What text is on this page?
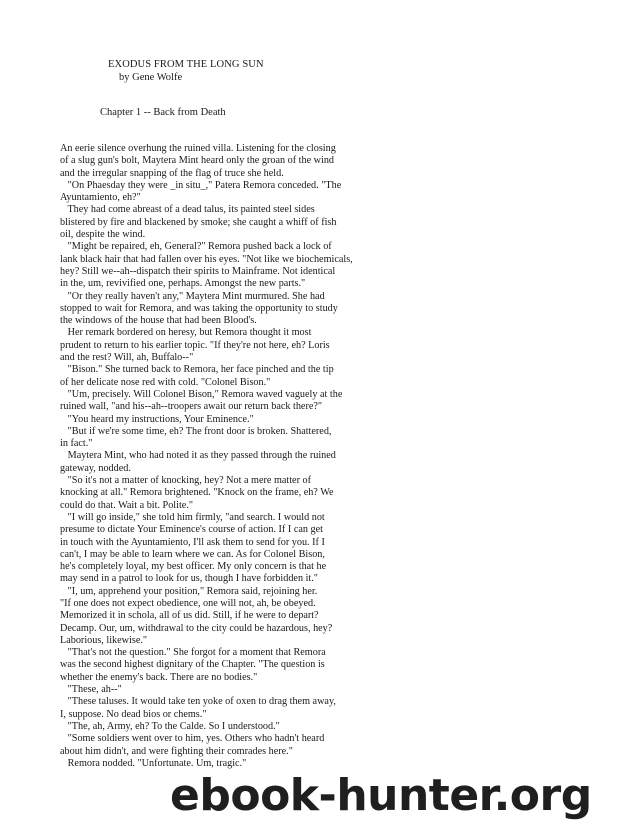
EXODUS FROM THE LONG SUN
by Gene Wolfe
Chapter 1 -- Back from Death
An eerie silence overhung the ruined villa. Listening for the closing
of a slug gun's bolt, Maytera Mint heard only the groan of the wind
and the irregular snapping of the flag of truce she held.
"On Phaesday they were _in situ_," Patera Remora conceded. "The
Ayuntamiento, eh?"
They had come abreast of a dead talus, its painted steel sides
blistered by fire and blackened by smoke; she caught a whiff of fish
oil, despite the wind.
"Might be repaired, eh, General?" Remora pushed back a lock of
lank black hair that had fallen over his eyes. "Not like we biochemicals,
hey? Still we--ah--dispatch their spirits to Mainframe. Not identical
in the, um, revivified one, perhaps. Amongst the new parts."
"Or they really haven't any," Maytera Mint murmured. She had
stopped to wait for Remora, and was taking the opportunity to study
the windows of the house that had been Blood's.
Her remark bordered on heresy, but Remora thought it most
prudent to return to his earlier topic. "If they're not here, eh? Loris
and the rest? Will, ah, Buffalo--"
"Bison." She turned back to Remora, her face pinched and the tip
of her delicate nose red with cold. "Colonel Bison."
"Um, precisely. Will Colonel Bison," Remora waved vaguely at the
ruined wall, "and his--ah--troopers await our return back there?"
"You heard my instructions, Your Eminence."
"But if we're some time, eh? The front door is broken. Shattered,
in fact."
Maytera Mint, who had noted it as they passed through the ruined
gateway, nodded.
"So it's not a matter of knocking, hey? Not a mere matter of
knocking at all." Remora brightened. "Knock on the frame, eh? We
could do that. Wait a bit. Polite."
"I will go inside," she told him firmly, "and search. I would not
presume to dictate Your Eminence's course of action. If I can get
in touch with the Ayuntamiento, I'll ask them to send for you. If I
can't, I may be able to learn where we can. As for Colonel Bison,
he's completely loyal, my best officer. My only concern is that he
may send in a patrol to look for us, though I have forbidden it."
"I, um, apprehend your position," Remora said, rejoining her.
"If one does not expect obedience, one will not, ah, be obeyed.
Memorized it in schola, all of us did. Still, if he were to depart?
Decamp. Our, um, withdrawal to the city could be hazardous, hey?
Laborious, likewise."
"That's not the question." She forgot for a moment that Remora
was the second highest dignitary of the Chapter. "The question is
whether the enemy's back. There are no bodies."
"These, ah--"
"These taluses. It would take ten yoke of oxen to drag them away,
I, suppose. No dead bios or chems."
"The, ah, Army, eh? To the Calde. So I understood."
"Some soldiers went over to him, yes. Others who hadn't heard
about him didn't, and were fighting their comrades here."
Remora nodded. "Unfortunate. Um, tragic."
ebook-hunter.org
